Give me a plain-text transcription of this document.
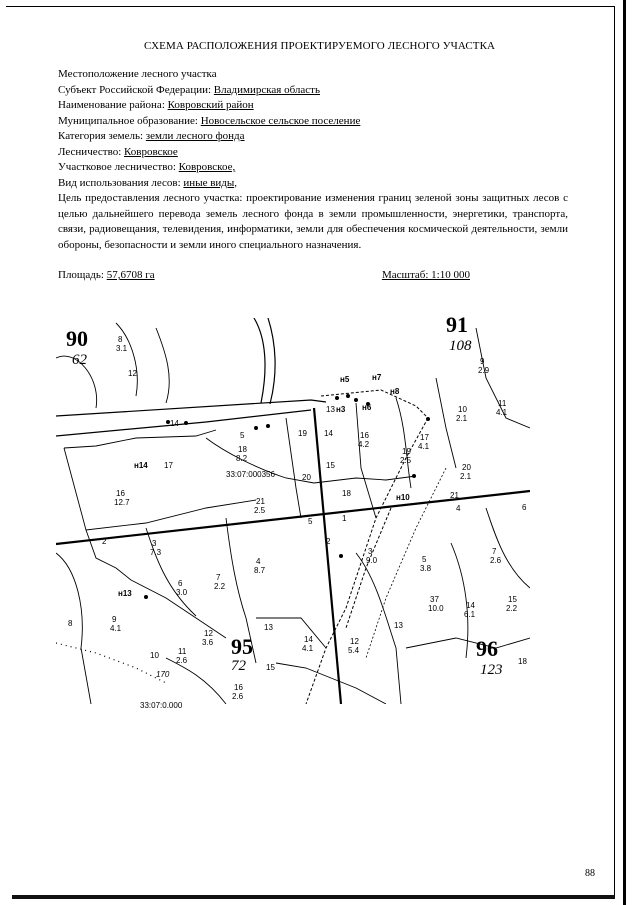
СХЕМА РАСПОЛОЖЕНИЯ ПРОЕКТИРУЕМОГО ЛЕСНОГО УЧАСТКА
Местоположение лесного участка
Субъект Российской Федерации: Владимирская область
Наименование района: Ковровский район
Муниципальное образование: Новосельское сельское поселение
Категория земель: земли лесного фонда
Лесничество: Ковровское
Участковое лесничество: Ковровское,
Вид использования лесов: иные виды,
Цель предоставления лесного участка: проектирование изменения границ зеленой зоны защитных лесов с целью дальнейшего перевода земель лесного фонда в земли промышленности, энергетики, транспорта, связи, радиовещания, телевидения, информатики, земли для обеспечения космической деятельности, земли обороны, безопасности и земли иного специального назначения.
Площадь: 57,6708 га	Масштаб: 1:10 000
90
62
91
108
95
72
96
123
33:07:000356
33:07:0.000
н3
н5
н6
н7
н8
н10
н13
н14
8
3.1
12
14
16
12.7
17
18
8.2
5	19
13
14	16
4.2
15
20
18
21
2.5
9
2.9
10
2.1
11
4.1
17
4.1
20
2.1
19
2.5
21
4	6
2	3
7.3
5	1
2
4
8.7
7
2.2
6
3.0
3
9.0	5
3.8
7
2.6
15
2.2
8	9
4.1
10 11
2.6
12
3.6
13
14
4.1
12
5.4
13
37
10.0	14
6.1
18
16
2.6
15
170
88
